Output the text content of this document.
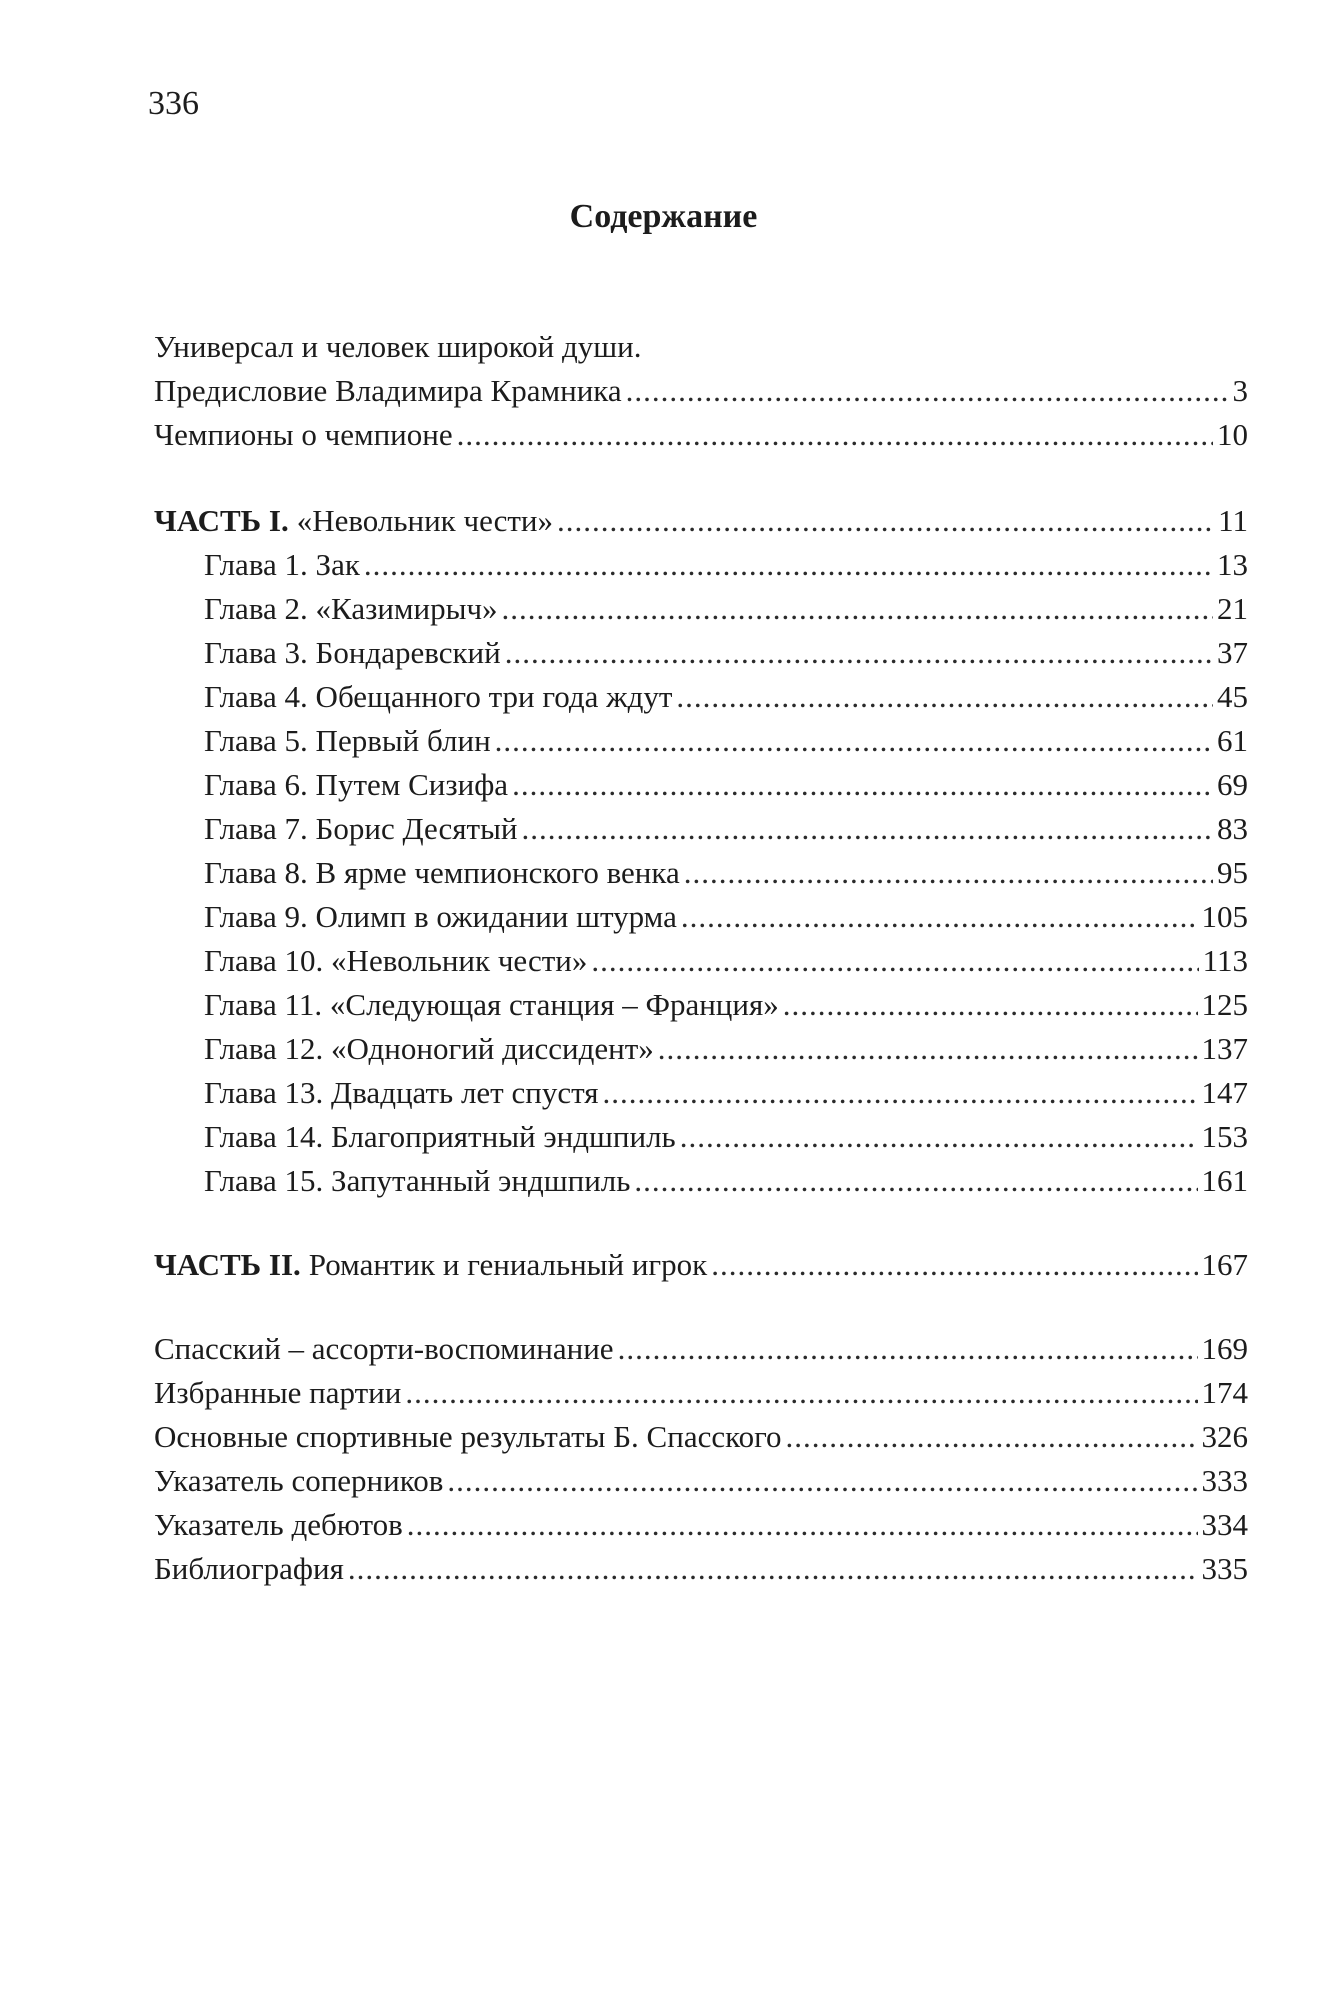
336
Содержание
Универсал и человек широкой души.
Предисловие Владимира Крамника .....	3
Чемпионы о чемпионе .....	10
ЧАСТЬ I. «Невольник чести» .....	11
Глава 1. Зак .....	13
Глава 2. «Казимирыч» .....	21
Глава 3. Бондаревский .....	37
Глава 4. Обещанного три года ждут .....	45
Глава 5. Первый блин .....	61
Глава 6. Путем Сизифа .....	69
Глава 7. Борис Десятый .....	83
Глава 8. В ярме чемпионского венка .....	95
Глава 9. Олимп в ожидании штурма .....	105
Глава 10. «Невольник чести» .....	113
Глава 11. «Следующая станция – Франция» .....	125
Глава 12. «Одноногий диссидент» .....	137
Глава 13. Двадцать лет спустя .....	147
Глава 14. Благоприятный эндшпиль .....	153
Глава 15. Запутанный эндшпиль .....	161
ЧАСТЬ II. Романтик и гениальный игрок .....	167
Спасский – ассорти-воспоминание .....	169
Избранные партии .....	174
Основные спортивные результаты Б. Спасского .....	326
Указатель соперников .....	333
Указатель дебютов .....	334
Библиография .....	335
